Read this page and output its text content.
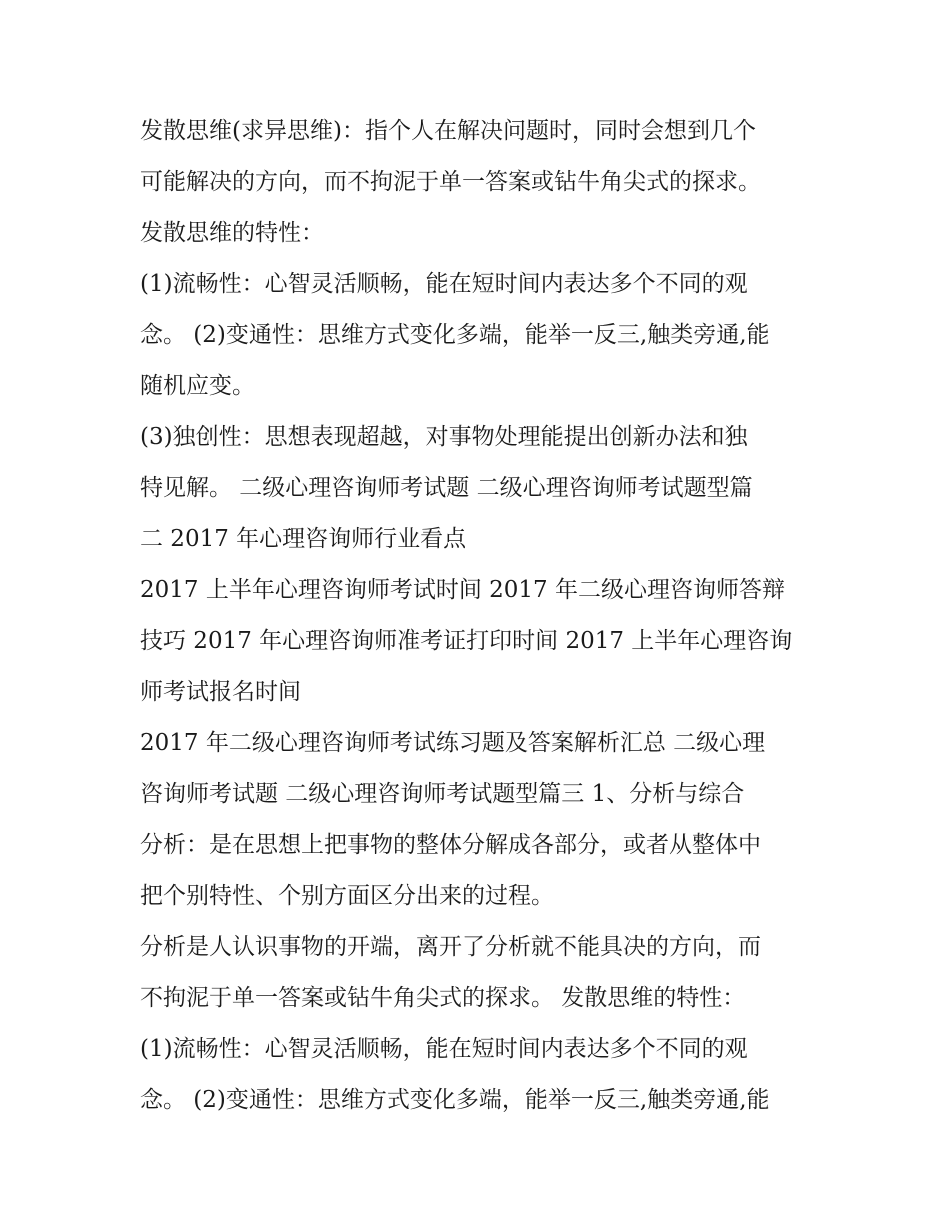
发散思维(求异思维)：指个人在解决问题时，同时会想到几个
可能解决的方向，而不拘泥于单一答案或钻牛角尖式的探求。
发散思维的特性：
(1)流畅性：心智灵活顺畅，能在短时间内表达多个不同的观
念。 (2)变通性：思维方式变化多端，能举一反三,触类旁通,能
随机应变。
(3)独创性：思想表现超越，对事物处理能提出创新办法和独
特见解。 二级心理咨询师考试题 二级心理咨询师考试题型篇
二 2017 年心理咨询师行业看点
2017 上半年心理咨询师考试时间 2017 年二级心理咨询师答辩
技巧 2017 年心理咨询师准考证打印时间 2017 上半年心理咨询
师考试报名时间
2017 年二级心理咨询师考试练习题及答案解析汇总 二级心理
咨询师考试题 二级心理咨询师考试题型篇三 1、分析与综合
分析：是在思想上把事物的整体分解成各部分，或者从整体中
把个别特性、个别方面区分出来的过程。
分析是人认识事物的开端，离开了分析就不能具决的方向，而
不拘泥于单一答案或钻牛角尖式的探求。 发散思维的特性：
(1)流畅性：心智灵活顺畅，能在短时间内表达多个不同的观
念。 (2)变通性：思维方式变化多端，能举一反三,触类旁通,能
